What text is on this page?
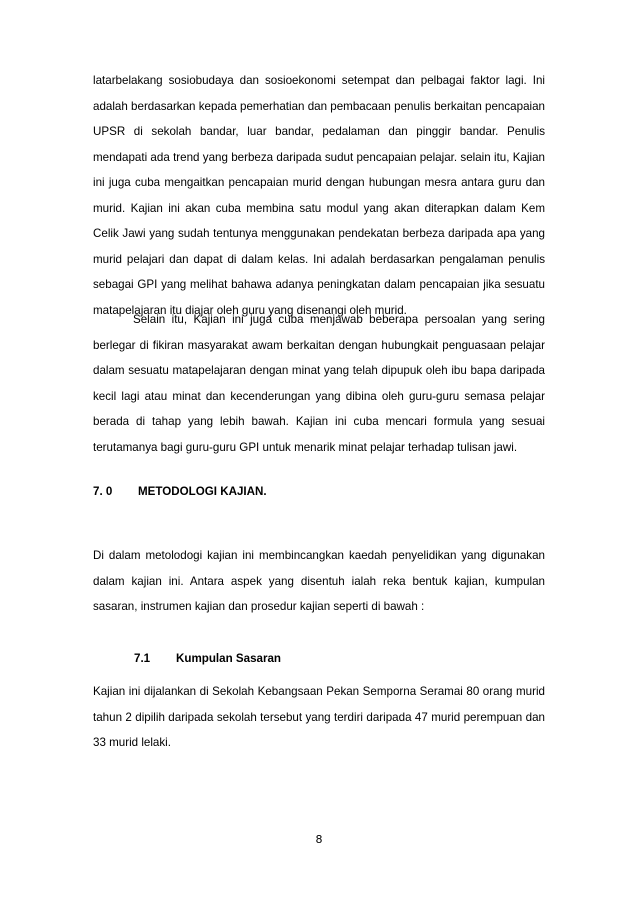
latarbelakang sosiobudaya dan sosioekonomi setempat dan pelbagai faktor lagi. Ini adalah berdasarkan kepada pemerhatian dan pembacaan penulis berkaitan pencapaian UPSR di sekolah bandar, luar bandar, pedalaman dan pinggir bandar. Penulis mendapati ada trend yang berbeza daripada sudut pencapaian pelajar. selain itu, Kajian ini juga cuba mengaitkan pencapaian murid dengan hubungan mesra antara guru dan murid. Kajian ini akan cuba membina satu modul yang akan diterapkan dalam Kem Celik Jawi yang sudah tentunya menggunakan pendekatan berbeza daripada apa yang murid pelajari dan dapat di dalam kelas. Ini adalah berdasarkan pengalaman penulis sebagai GPI yang melihat bahawa adanya peningkatan dalam pencapaian jika sesuatu matapelajaran itu diajar oleh guru yang disenangi oleh murid.

Selain itu, Kajian ini juga cuba menjawab beberapa persoalan yang sering berlegar di fikiran masyarakat awam berkaitan dengan hubungkait penguasaan pelajar dalam sesuatu matapelajaran dengan minat yang telah dipupuk oleh ibu bapa daripada kecil lagi atau minat dan kecenderungan yang dibina oleh guru-guru semasa pelajar berada di tahap yang lebih bawah. Kajian ini cuba mencari formula yang sesuai terutamanya bagi guru-guru GPI untuk menarik minat pelajar terhadap tulisan jawi.

7. 0 METODOLOGI KAJIAN.

Di dalam metolodogi kajian ini membincangkan kaedah penyelidikan yang digunakan dalam kajian ini. Antara aspek yang disentuh ialah reka bentuk kajian, kumpulan sasaran, instrumen kajian dan prosedur kajian seperti di bawah :

7.1 Kumpulan Sasaran

Kajian ini dijalankan di Sekolah Kebangsaan Pekan Semporna Seramai 80 orang murid tahun 2 dipilih daripada sekolah tersebut yang terdiri daripada 47 murid perempuan dan 33 murid lelaki.

8
